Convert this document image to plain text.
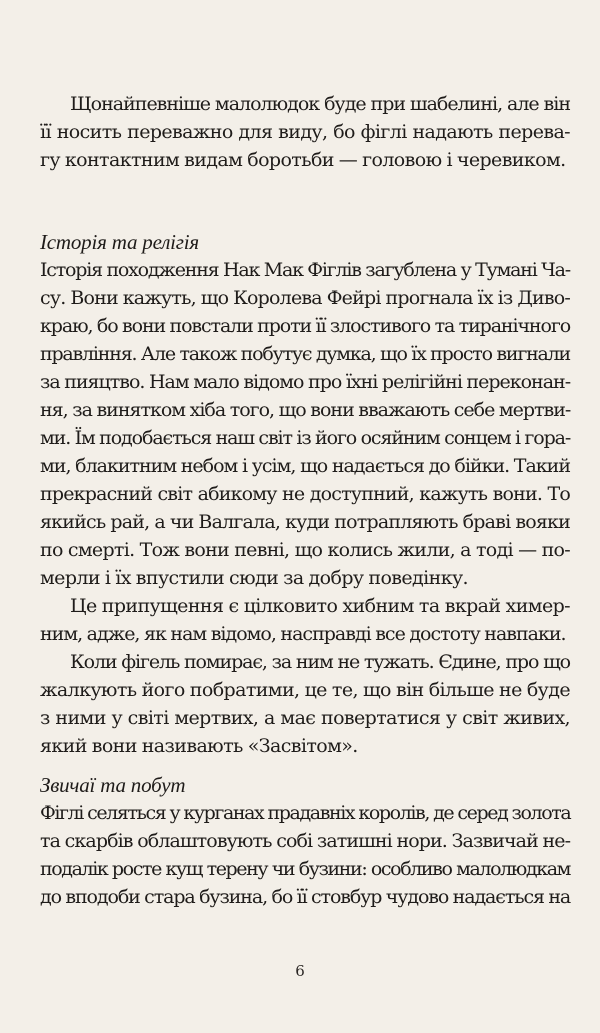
Щонайпевніше малолюдок буде при шабелині, але він
її носить переважно для виду, бо фіглі надають перева-
гу контактним видам боротьби — головою і черевиком.
Історія та релігія
Історія походження Нак Мак Фіглів загублена у Тумані Ча-
су. Вони кажуть, що Королева Фейрі прогнала їх із Диво-
краю, бо вони повстали проти її злостивого та тиранічного
правління. Але також побутує думка, що їх просто вигнали
за пияцтво. Нам мало відомо про їхні релігійні переконан-
ня, за винятком хіба того, що вони вважають себе мертви-
ми. Їм подобається наш світ із його осяйним сонцем і гора-
ми, блакитним небом і усім, що надається до бійки. Такий
прекрасний світ абикому не доступний, кажуть вони. То
якийсь рай, а чи Валгала, куди потрапляють браві вояки
по смерті. Тож вони певні, що колись жили, а тоді — по-
мерли і їх впустили сюди за добру поведінку.
Це припущення є цілковито хибним та вкрай химер-
ним, адже, як нам відомо, насправді все достоту навпаки.
Коли фігель помирає, за ним не тужать. Єдине, про що
жалкують його побратими, це те, що він більше не буде
з ними у світі мертвих, а має повертатися у світ живих,
який вони називають «Засвітом».
Звичаї та побут
Фіглі селяться у курганах прадавніх королів, де серед золота
та скарбів облаштовують собі затишні нори. Зазвичай не-
подалік росте кущ терену чи бузини: особливо малолюдкам
до вподоби стара бузина, бо її стовбур чудово надається на
6
